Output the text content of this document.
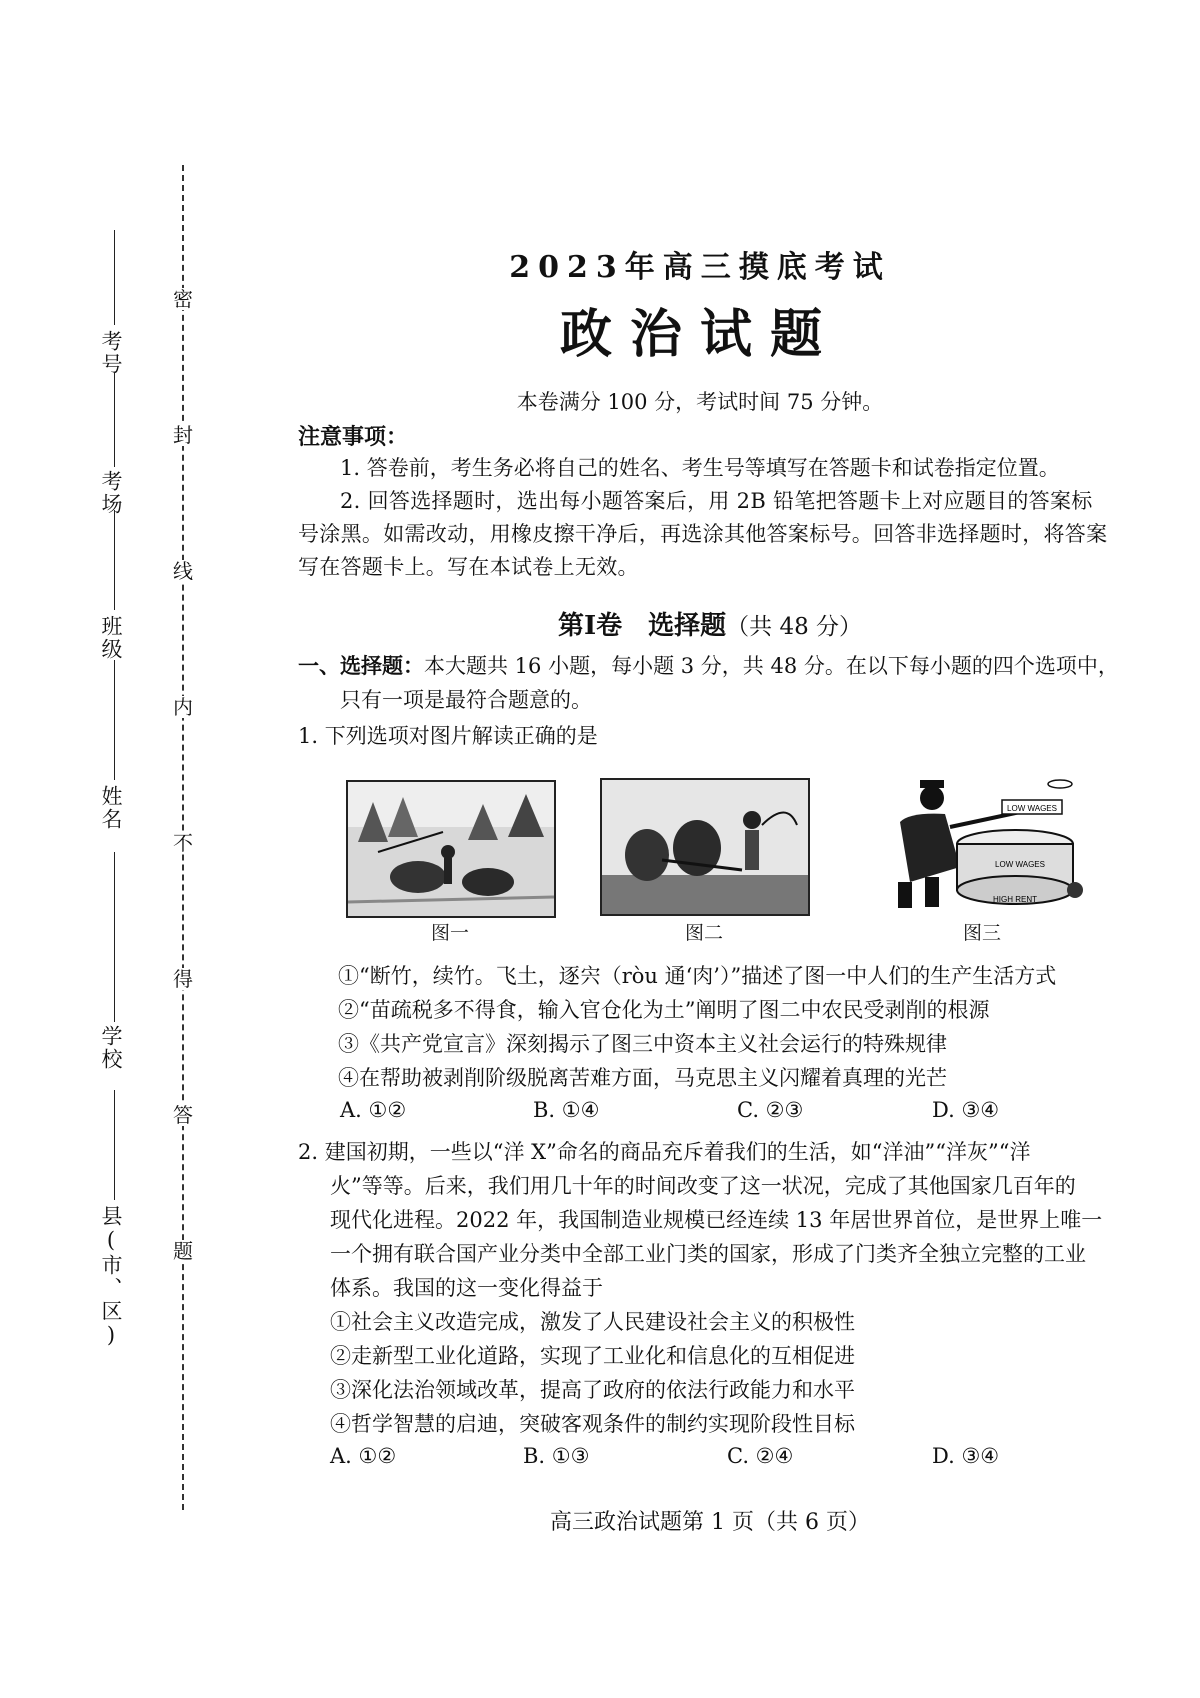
考号
考场
班级
姓名
学校
县(市、区)
密
封
线
内
不
得
答
题
2023年高三摸底考试
政治试题
本卷满分 100 分，考试时间 75 分钟。
注意事项：
1. 答卷前，考生务必将自己的姓名、考生号等填写在答题卡和试卷指定位置。
2. 回答选择题时，选出每小题答案后，用 2B 铅笔把答题卡上对应题目的答案标号涂黑。如需改动，用橡皮擦干净后，再选涂其他答案标号。回答非选择题时，将答案写在答题卡上。写在本试卷上无效。
第Ⅰ卷　选择题（共 48 分）
一、选择题：本大题共 16 小题，每小题 3 分，共 48 分。在以下每小题的四个选项中，
只有一项是最符合题意的。
1. 下列选项对图片解读正确的是
图一	图二
LOW WAGES
LOW WAGES
HIGH RENT
图三
①“断竹，续竹。飞土，逐宍（ròu 通‘肉’）”描述了图一中人们的生产生活方式
②“苗疏税多不得食，输入官仓化为土”阐明了图二中农民受剥削的根源
③《共产党宣言》深刻揭示了图三中资本主义社会运行的特殊规律
④在帮助被剥削阶级脱离苦难方面，马克思主义闪耀着真理的光芒
A. ①②	B. ①④	C. ②③	D. ③④
2. 建国初期，一些以“洋 X”命名的商品充斥着我们的生活，如“洋油”“洋灰”“洋
火”等等。后来，我们用几十年的时间改变了这一状况，完成了其他国家几百年的
现代化进程。2022 年，我国制造业规模已经连续 13 年居世界首位，是世界上唯一
一个拥有联合国产业分类中全部工业门类的国家，形成了门类齐全独立完整的工业
体系。我国的这一变化得益于
①社会主义改造完成，激发了人民建设社会主义的积极性
②走新型工业化道路，实现了工业化和信息化的互相促进
③深化法治领域改革，提高了政府的依法行政能力和水平
④哲学智慧的启迪，突破客观条件的制约实现阶段性目标
A. ①②	B. ①③	C. ②④	D. ③④
高三政治试题第 1 页（共 6 页）
